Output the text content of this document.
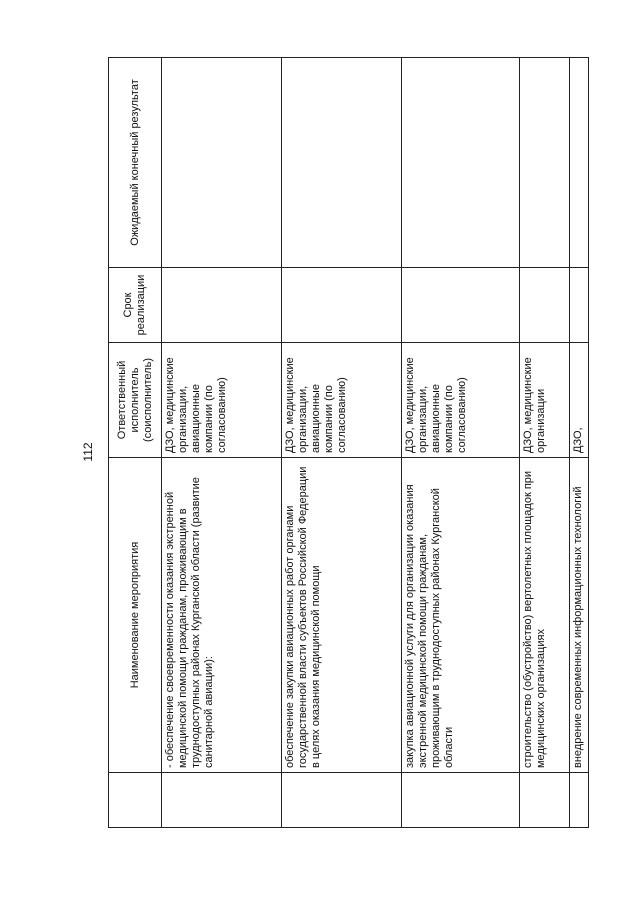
112
	Наименование мероприятия	Ответственный исполнитель (соисполнитель)	Срок реализации	Ожидаемый конечный результат
	- обеспечение своевременности оказания экстренной медицинской помощи гражданам, проживающим в труднодоступных районах Курганской области (развитие санитарной авиации):	ДЗО, медицинские организации, авиационные компании (по согласованию)		
	обеспечение закупки авиационных работ органами государственной власти субъектов Российской Федерации в целях оказания медицинской помощи	ДЗО, медицинские организации, авиационные компании (по согласованию)		
	закупка авиационной услуги для организации оказания экстренной медицинской помощи гражданам, проживающим в труднодоступных районах Курганской области	ДЗО, медицинские организации, авиационные компании (по согласованию)		
	строительство (обустройство) вертолетных площадок при медицинских организациях	ДЗО, медицинские организации		
	внедрение современных информационных технологий	ДЗО,		
